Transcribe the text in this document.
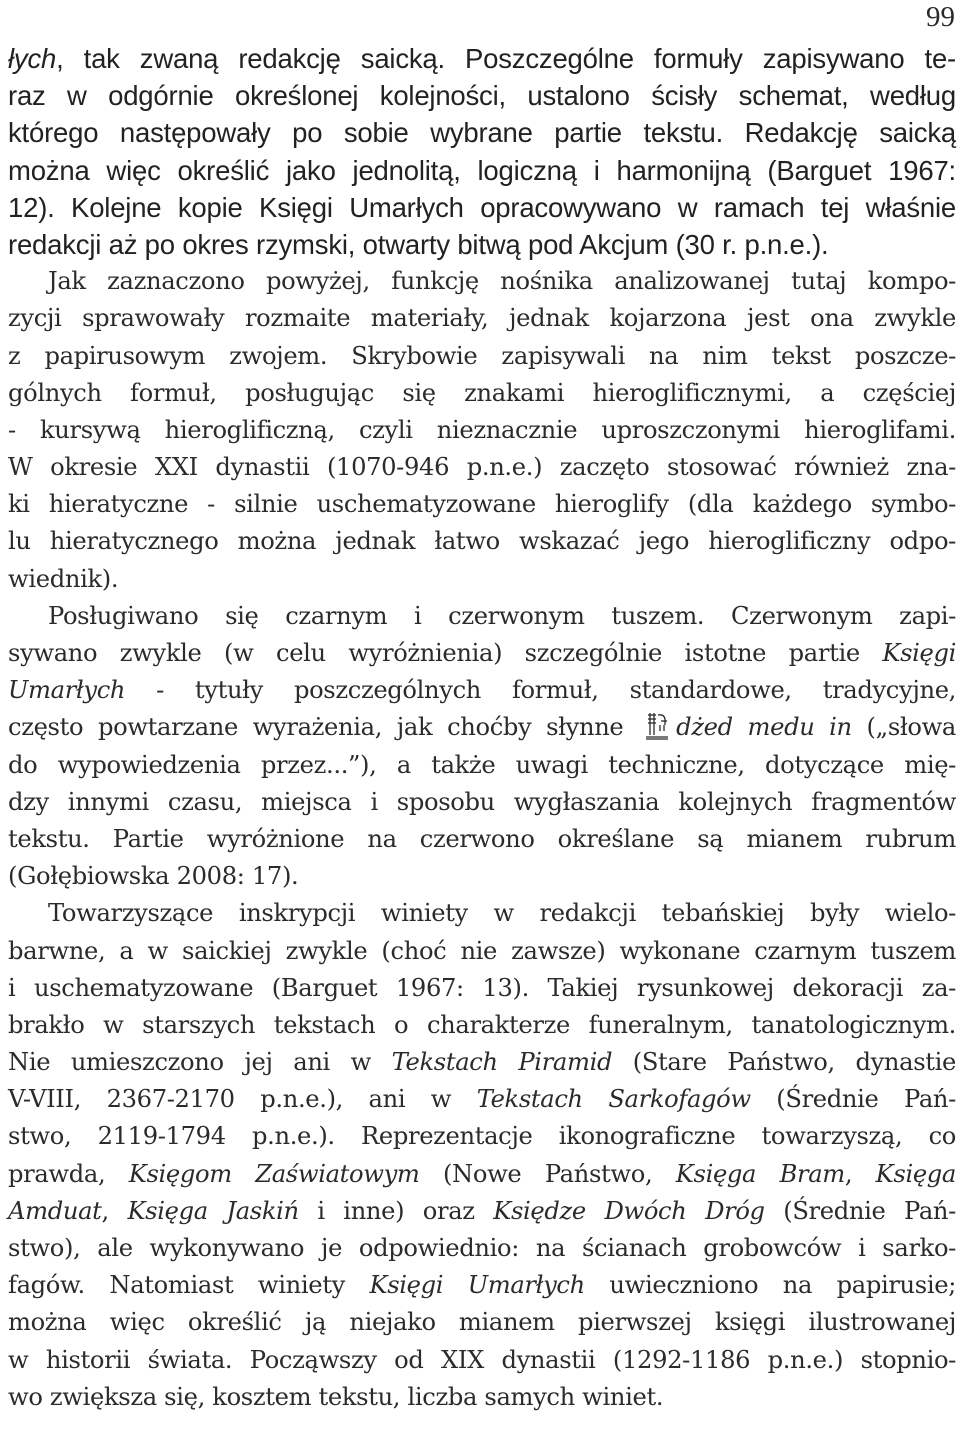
99
łych, tak zwaną redakcję saicką. Poszczególne formuły zapisywano te-
raz w odgórnie określonej kolejności, ustalono ścisły schemat, według
którego następowały po sobie wybrane partie tekstu. Redakcję saicką
można więc określić jako jednolitą, logiczną i harmonijną (Barguet 1967:
12). Kolejne kopie Księgi Umarłych opracowywano w ramach tej właśnie
redakcji aż po okres rzymski, otwarty bitwą pod Akcjum (30 r. p.n.e.).
Jak zaznaczono powyżej, funkcję nośnika analizowanej tutaj kompo-
zycji sprawowały rozmaite materiały, jednak kojarzona jest ona zwykle
z papirusowym zwojem. Skrybowie zapisywali na nim tekst poszcze-
gólnych formuł, posługując się znakami hieroglificznymi, a częściej
- kursywą hieroglificzną, czyli nieznacznie uproszczonymi hieroglifami.
W okresie XXI dynastii (1070-946 p.n.e.) zaczęto stosować również zna-
ki hieratyczne - silnie uschematyzowane hieroglify (dla każdego symbo-
lu hieratycznego można jednak łatwo wskazać jego hieroglificzny odpo-
wiednik).
Posługiwano się czarnym i czerwonym tuszem. Czerwonym zapi-
sywano zwykle (w celu wyróżnienia) szczególnie istotne partie Księgi
Umarłych - tytuły poszczególnych formuł, standardowe, tradycyjne,
często powtarzane wyrażenia, jak choćby słynne dżed medu in („słowa
do wypowiedzenia przez...”), a także uwagi techniczne, dotyczące mię-
dzy innymi czasu, miejsca i sposobu wygłaszania kolejnych fragmentów
tekstu. Partie wyróżnione na czerwono określane są mianem rubrum
(Gołębiowska 2008: 17).
Towarzyszące inskrypcji winiety w redakcji tebańskiej były wielo-
barwne, a w saickiej zwykle (choć nie zawsze) wykonane czarnym tuszem
i uschematyzowane (Barguet 1967: 13). Takiej rysunkowej dekoracji za-
brakło w starszych tekstach o charakterze funeralnym, tanatologicznym.
Nie umieszczono jej ani w Tekstach Piramid (Stare Państwo, dynastie
V-VIII, 2367-2170 p.n.e.), ani w Tekstach Sarkofagów (Średnie Pań-
stwo, 2119-1794 p.n.e.). Reprezentacje ikonograficzne towarzyszą, co
prawda, Księgom Zaświatowym (Nowe Państwo, Księga Bram, Księga
Amduat, Księga Jaskiń i inne) oraz Księdze Dwóch Dróg (Średnie Pań-
stwo), ale wykonywano je odpowiednio: na ścianach grobowców i sarko-
fagów. Natomiast winiety Księgi Umarłych uwieczniono na papirusie;
można więc określić ją niejako mianem pierwszej księgi ilustrowanej
w historii świata. Począwszy od XIX dynastii (1292-1186 p.n.e.) stopnio-
wo zwiększa się, kosztem tekstu, liczba samych winiet.
